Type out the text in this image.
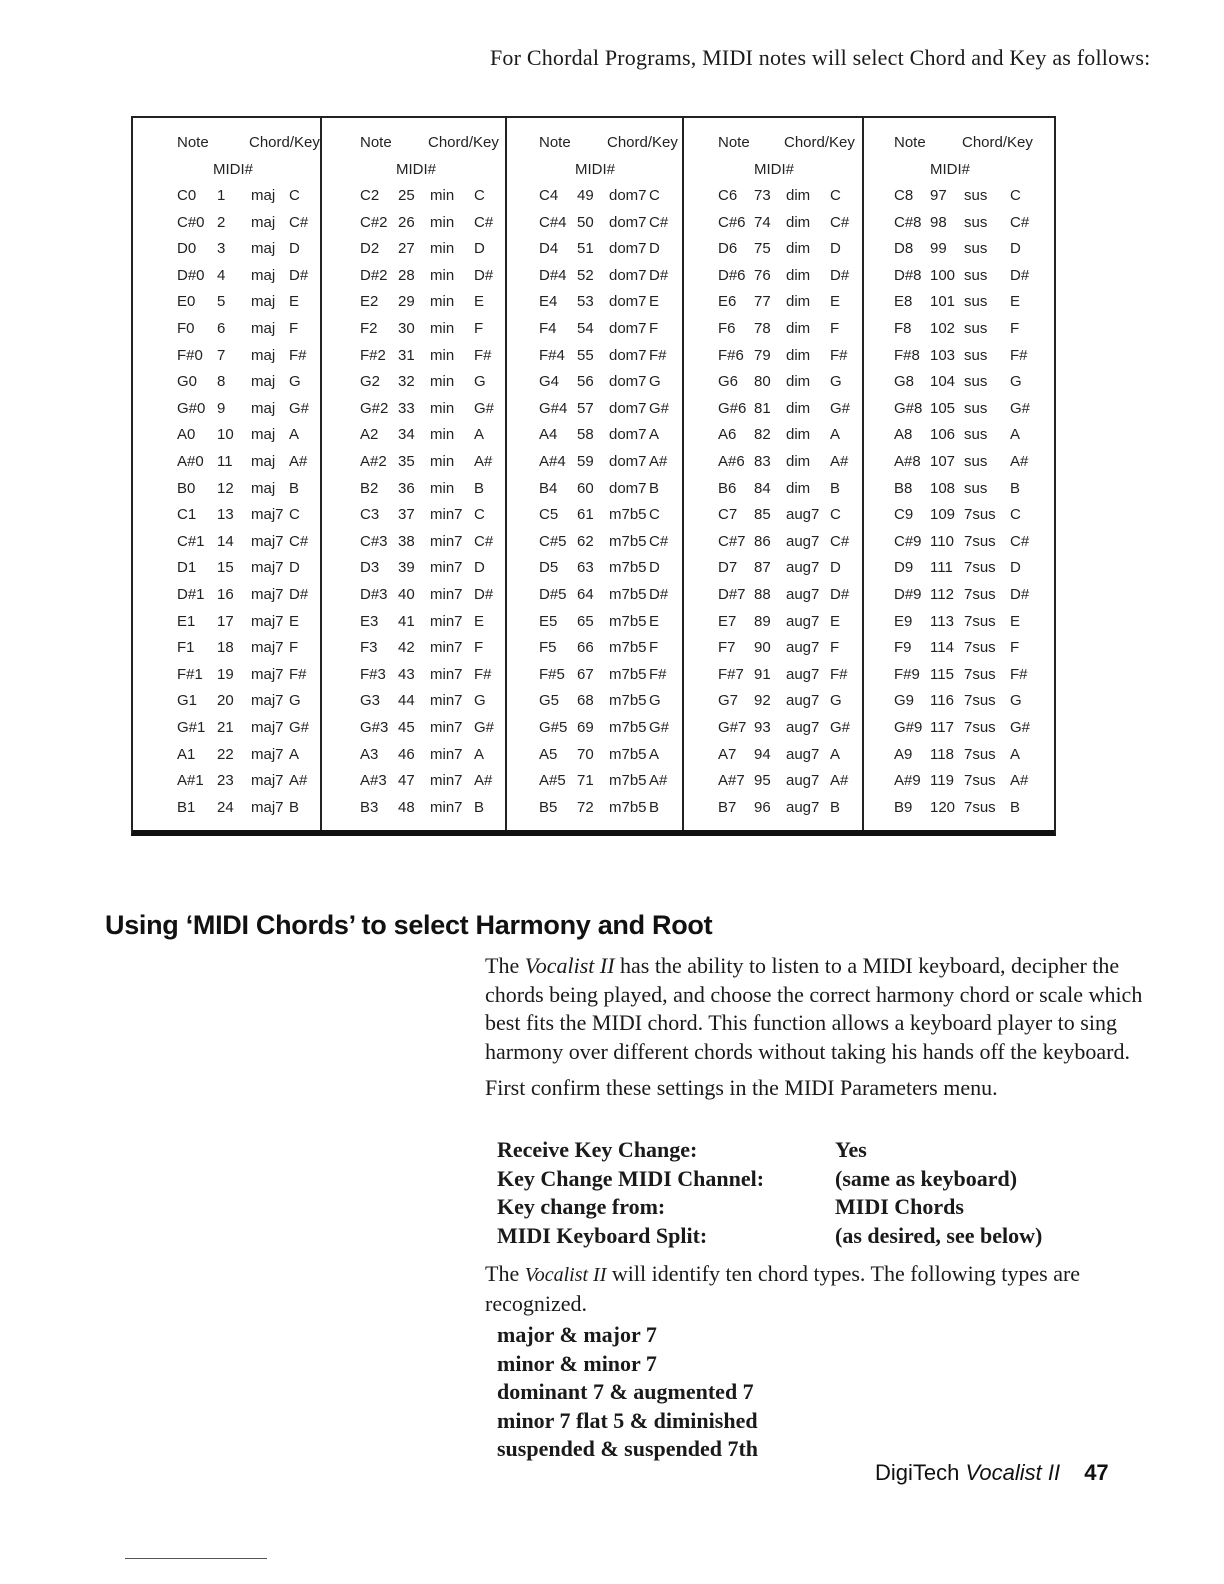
For Chordal Programs, MIDI notes will select Chord and Key as follows:

Note	Chord/Key
MIDI#
C0 1 maj C
C#0 2 maj C#
D0 3 maj D
D#0 4 maj D#
E0 5 maj E
F0 6 maj F
F#0 7 maj F#
G0 8 maj G
G#0 9 maj G#
A0 10 maj A
A#0 11 maj A#
B0 12 maj B
C1 13 maj7 C
C#1 14 maj7 C#
D1 15 maj7 D
D#1 16 maj7 D#
E1 17 maj7 E
F1 18 maj7 F
F#1 19 maj7 F#
G1 20 maj7 G
G#1 21 maj7 G#
A1 22 maj7 A
A#1 23 maj7 A#
B1 24 maj7 B
Note Chord/Key
MIDI#
C2 25 min C
C#2 26 min C#
D2 27 min D
D#2 28 min D#
E2 29 min E
F2 30 min F
F#2 31 min F#
G2 32 min G
G#2 33 min G#
A2 34 min A
A#2 35 min A#
B2 36 min B
C3 37 min7 C
C#3 38 min7 C#
D3 39 min7 D
D#3 40 min7 D#
E3 41 min7 E
F3 42 min7 F
F#3 43 min7 F#
G3 44 min7 G
G#3 45 min7 G#
A3 46 min7 A
A#3 47 min7 A#
B3 48 min7 B
Note Chord/Key
MIDI#
C4 49 dom7 C
C#4 50 dom7 C#
D4 51 dom7 D
D#4 52 dom7 D#
E4 53 dom7 E
F4 54 dom7 F
F#4 55 dom7 F#
G4 56 dom7 G
G#4 57 dom7 G#
A4 58 dom7 A
A#4 59 dom7 A#
B4 60 dom7 B
C5 61 m7b5 C
C#5 62 m7b5 C#
D5 63 m7b5 D
D#5 64 m7b5 D#
E5 65 m7b5 E
F5 66 m7b5 F
F#5 67 m7b5 F#
G5 68 m7b5 G
G#5 69 m7b5 G#
A5 70 m7b5 A
A#5 71 m7b5 A#
B5 72 m7b5 B
Note Chord/Key
MIDI#
C6 73 dim C
C#6 74 dim C#
D6 75 dim D
D#6 76 dim D#
E6 77 dim E
F6 78 dim F
F#6 79 dim F#
G6 80 dim G
G#6 81 dim G#
A6 82 dim A
A#6 83 dim A#
B6 84 dim B
C7 85 aug7 C
C#7 86 aug7 C#
D7 87 aug7 D
D#7 88 aug7 D#
E7 89 aug7 E
F7 90 aug7 F
F#7 91 aug7 F#
G7 92 aug7 G
G#7 93 aug7 G#
A7 94 aug7 A
A#7 95 aug7 A#
B7 96 aug7 B
Note Chord/Key
MIDI#
C8 97 sus C
C#8 98 sus C#
D8 99 sus D
D#8 100 sus D#
E8 101 sus E
F8 102 sus F
F#8 103 sus F#
G8 104 sus G
G#8 105 sus G#
A8 106 sus A
A#8 107 sus A#
B8 108 sus B
C9 109 7sus C
C#9 110 7sus C#
D9 111 7sus D
D#9 112 7sus D#
E9 113 7sus E
F9 114 7sus F
F#9 115 7sus F#
G9 116 7sus G
G#9 117 7sus G#
A9 118 7sus A
A#9 119 7sus A#
B9 120 7sus B
Using ‘MIDI Chords’ to select Harmony and Root

The Vocalist II has the ability to listen to a MIDI keyboard, decipher the chords being played, and choose the correct harmony chord or scale which best fits the MIDI chord. This function allows a keyboard player to sing harmony over different chords without taking his hands off the keyboard.

First confirm these settings in the MIDI Parameters menu.

Receive Key Change:	Yes
Key Change MIDI Channel:	(same as keyboard)
Key change from:	MIDI Chords
MIDI Keyboard Split:	(as desired, see below)

The Vocalist II will identify ten chord types. The following types are recognized.

major & major 7
minor & minor 7
dominant 7 & augmented 7
minor 7 flat 5 & diminished
suspended & suspended 7th
DigiTech Vocalist II 47
